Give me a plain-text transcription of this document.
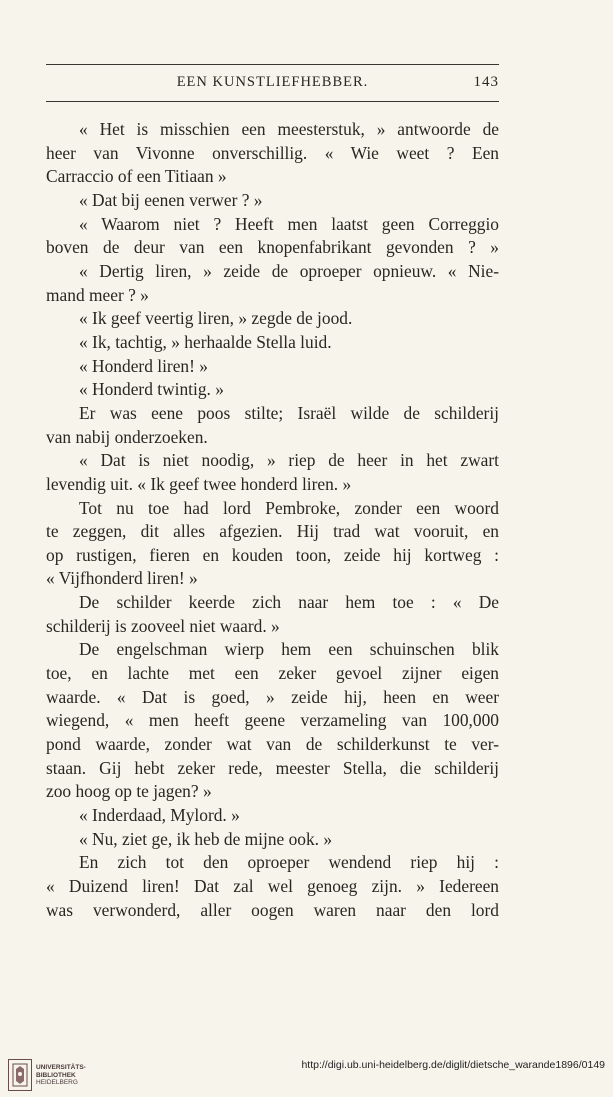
EEN KUNSTLIEFHEBBER.	143

« Het is misschien een meesterstuk, » antwoorde de

heer van Vivonne onverschillig. « Wie weet ? Een

Carraccio of een Titiaan »

« Dat bij eenen verwer ? »

« Waarom niet ? Heeft men laatst geen Correggio

boven de deur van een knopenfabrikant gevonden ? »

« Dertig liren, » zeide de oproeper opnieuw. « Nie-

mand meer ? »

« Ik geef veertig liren, » zegde de jood.

« Ik, tachtig, » herhaalde Stella luid.

« Honderd liren! »

« Honderd twintig. »

Er was eene poos stilte; Israël wilde de schilderij

van nabij onderzoeken.

« Dat is niet noodig, » riep de heer in het zwart

levendig uit. « Ik geef twee honderd liren. »

Tot nu toe had lord Pembroke, zonder een woord

te zeggen, dit alles afgezien. Hij trad wat vooruit, en

op rustigen, fieren en kouden toon, zeide hij kortweg :

« Vijfhonderd liren! »

De schilder keerde zich naar hem toe : « De

schilderij is zooveel niet waard. »

De engelschman wierp hem een schuinschen blik

toe, en lachte met een zeker gevoel zijner eigen

waarde. « Dat is goed, » zeide hij, heen en weer

wiegend, « men heeft geene verzameling van 100,000

pond waarde, zonder wat van de schilderkunst te ver-

staan. Gij hebt zeker rede, meester Stella, die schilderij

zoo hoog op te jagen? »

« Inderdaad, Mylord. »

« Nu, ziet ge, ik heb de mijne ook. »

En zich tot den oproeper wendend riep hij :

« Duizend liren! Dat zal wel genoeg zijn. » Iedereen

was verwonderd, aller oogen waren naar den lord

UNIVERSITÄTS-
BIBLIOTHEK
HEIDELBERG
http://digi.ub.uni-heidelberg.de/diglit/dietsche_warande1896/0149
